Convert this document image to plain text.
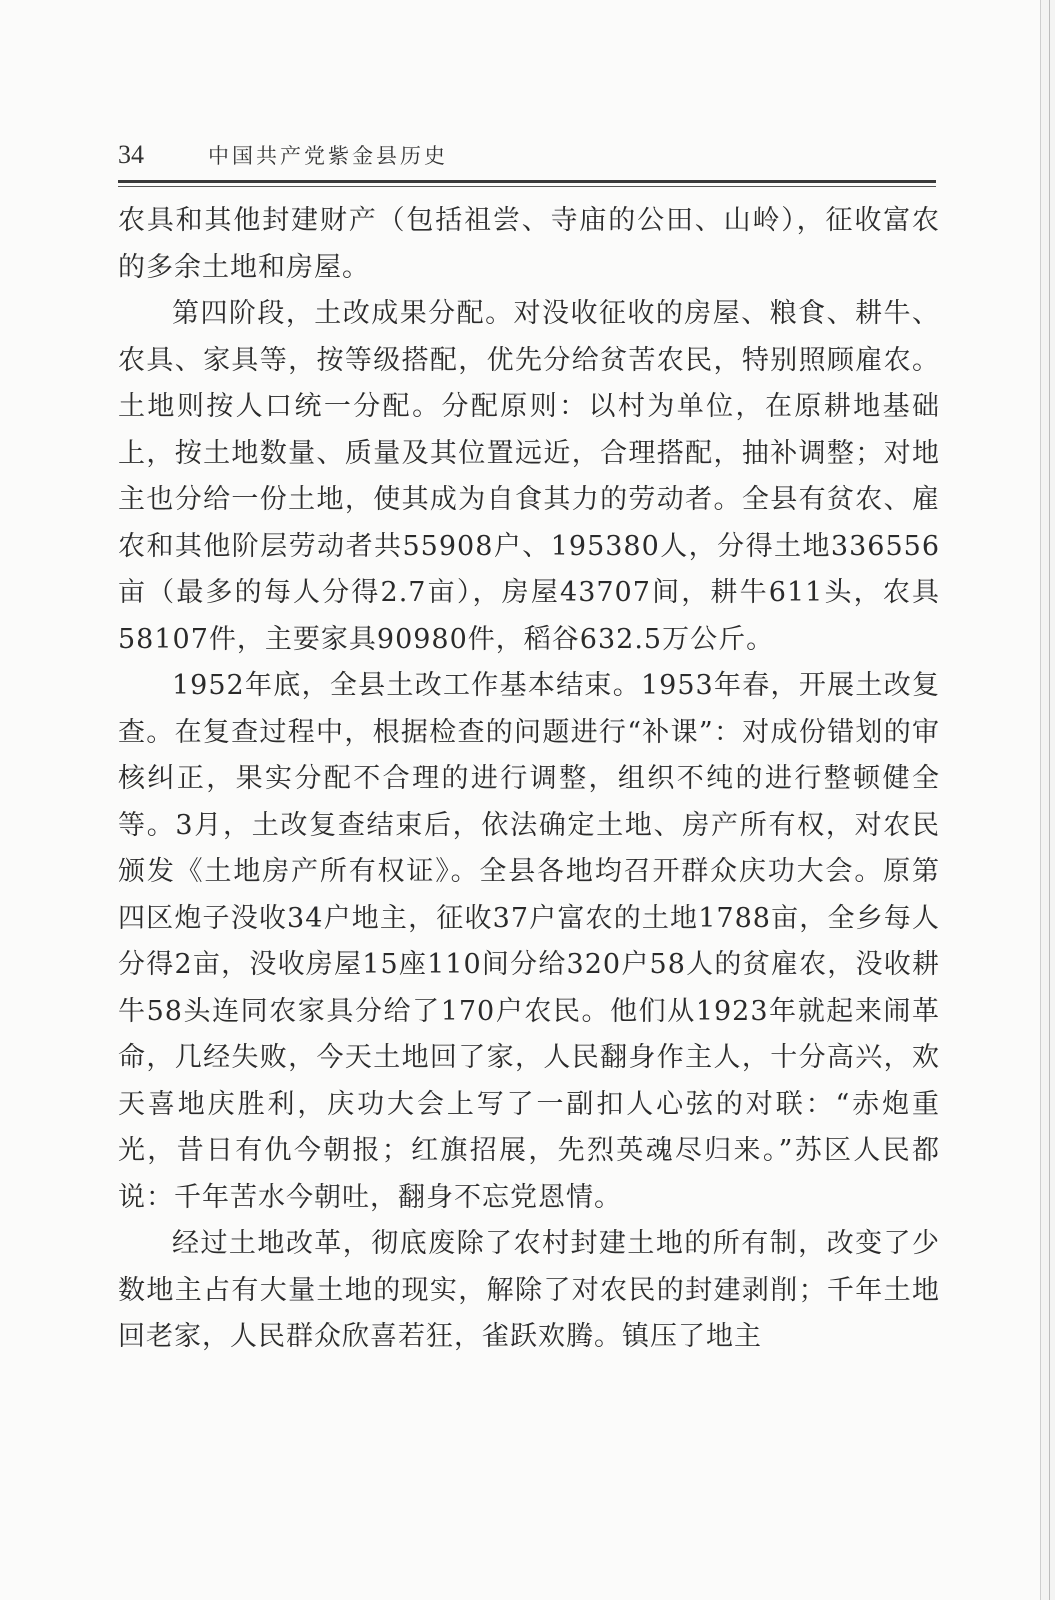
34	中国共产党紫金县历史

农具和其他封建财产（包括祖尝、寺庙的公田、山岭），征收富农的多余土地和房屋。

第四阶段，土改成果分配。对没收征收的房屋、粮食、耕牛、农具、家具等，按等级搭配，优先分给贫苦农民，特别照顾雇农。土地则按人口统一分配。分配原则：以村为单位，在原耕地基础上，按土地数量、质量及其位置远近，合理搭配，抽补调整；对地主也分给一份土地，使其成为自食其力的劳动者。全县有贫农、雇农和其他阶层劳动者共55908户、195380人，分得土地336556亩（最多的每人分得2.7亩），房屋43707间，耕牛611头，农具58107件，主要家具90980件，稻谷632.5万公斤。

1952年底，全县土改工作基本结束。1953年春，开展土改复查。在复查过程中，根据检查的问题进行“补课”：对成份错划的审核纠正，果实分配不合理的进行调整，组织不纯的进行整顿健全等。3月，土改复查结束后，依法确定土地、房产所有权，对农民颁发《土地房产所有权证》。全县各地均召开群众庆功大会。原第四区炮子没收34户地主，征收37户富农的土地1788亩，全乡每人分得2亩，没收房屋15座110间分给320户58人的贫雇农，没收耕牛58头连同农家具分给了170户农民。他们从1923年就起来闹革命，几经失败，今天土地回了家，人民翻身作主人，十分高兴，欢天喜地庆胜利，庆功大会上写了一副扣人心弦的对联：“赤炮重光，昔日有仇今朝报；红旗招展，先烈英魂尽归来。”苏区人民都说：千年苦水今朝吐，翻身不忘党恩情。

经过土地改革，彻底废除了农村封建土地的所有制，改变了少数地主占有大量土地的现实，解除了对农民的封建剥削；千年土地回老家，人民群众欣喜若狂，雀跃欢腾。镇压了地主
